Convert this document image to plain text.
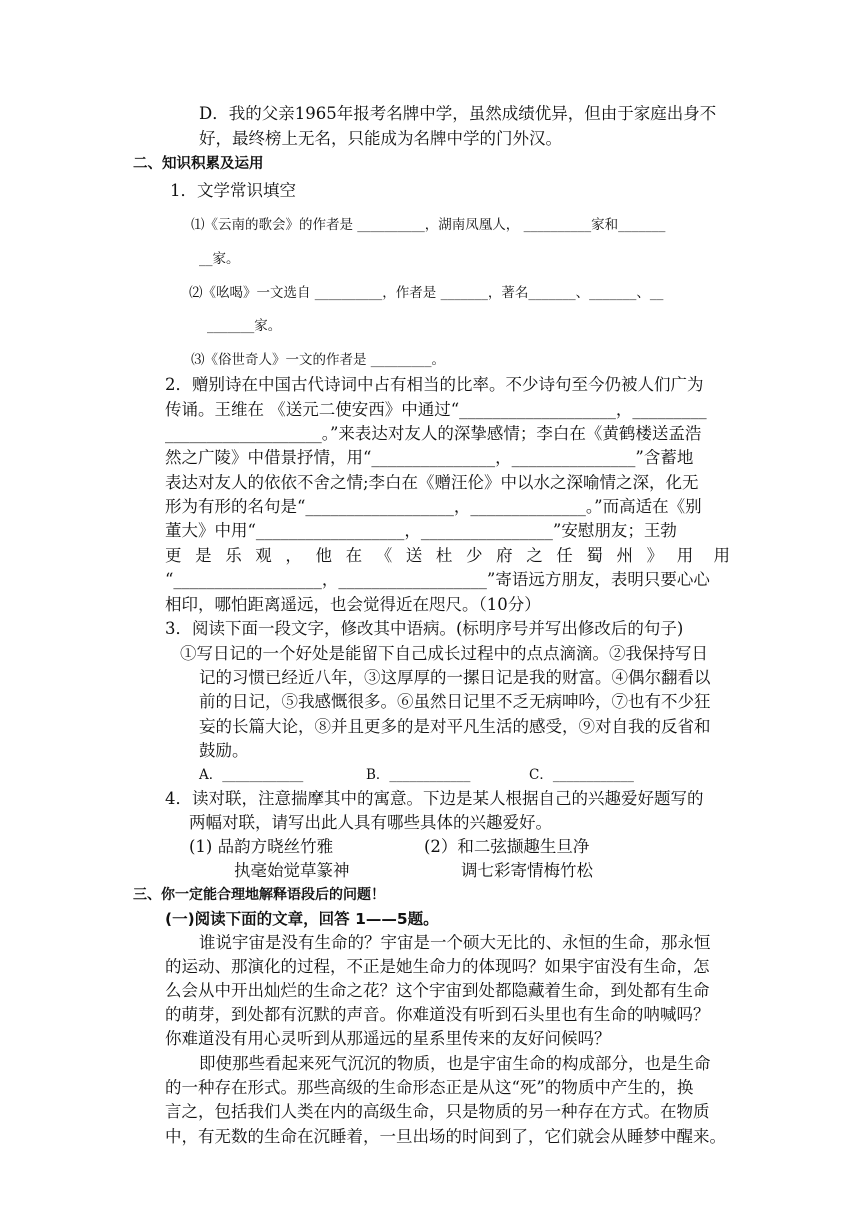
D．我的父亲1965年报考名牌中学，虽然成绩优异，但由于家庭出身不
好，最终榜上无名，只能成为名牌中学的门外汉。
二、知识积累及运用
1．文学常识填空
⑴《云南的歌会》的作者是 __________，湖南凤凰人， __________家和_______
__家。
⑵《吆喝》一文选自 __________，作者是 _______，著名_______、_______、__
_______家。
⑶《俗世奇人》一文的作者是 _________。
2．赠别诗在中国古代诗词中占有相当的比率。不少诗句至今仍被人们广为
传诵。王维在 《送元二使安西》中通过“___________________，_________
___________________。”来表达对友人的深挚感情；李白在《黄鹤楼送孟浩
然之广陵》中借景抒情，用“_______________，_______________”含蓄地
表达对友人的依依不舍之情;李白在《赠汪伦》中以水之深喻情之深，化无
形为有形的名句是“__________________，______________。”而高适在《别
董大》中用“__________________，________________”安慰朋友；王勃
更是乐观，他在《送杜少府之任蜀州》用 用
“__________________，__________________”寄语远方朋友，表明只要心心
相印，哪怕距离遥远，也会觉得近在咫尺。（10分）
3．阅读下面一段文字，修改其中语病。(标明序号并写出修改后的句子)
①写日记的一个好处是能留下自己成长过程中的点点滴滴。②我保持写日
记的习惯已经近八年，③这厚厚的一摞日记是我的财富。④偶尔翻看以
前的日记，⑤我感慨很多。⑥虽然日记里不乏无病呻吟，⑦也有不少狂
妄的长篇大论，⑧并且更多的是对平凡生活的感受，⑨对自我的反省和
鼓励。
A．____________	B．____________	C．____________
4．读对联，注意揣摩其中的寓意。下边是某人根据自己的兴趣爱好题写的
两幅对联，请写出此人具有哪些具体的兴趣爱好。
(1) 品韵方晓丝竹雅
执毫始觉草篆神
(2）和二弦撷趣生旦净
调七彩寄情梅竹松
三、你一定能合理地解释语段后的问题！
(一)阅读下面的文章，回答 1——5题。
谁说宇宙是没有生命的？宇宙是一个硕大无比的、永恒的生命，那永恒
的运动、那演化的过程，不正是她生命力的体现吗？如果宇宙没有生命，怎
么会从中开出灿烂的生命之花？这个宇宙到处都隐藏着生命，到处都有生命
的萌芽，到处都有沉默的声音。你难道没有听到石头里也有生命的呐喊吗？
你难道没有用心灵听到从那遥远的星系里传来的友好问候吗？
即使那些看起来死气沉沉的物质，也是宇宙生命的构成部分，也是生命
的一种存在形式。那些高级的生命形态正是从这“死”的物质中产生的，换
言之，包括我们人类在内的高级生命，只是物质的另一种存在方式。在物质
中，有无数的生命在沉睡着，一旦出场的时间到了，它们就会从睡梦中醒来。
